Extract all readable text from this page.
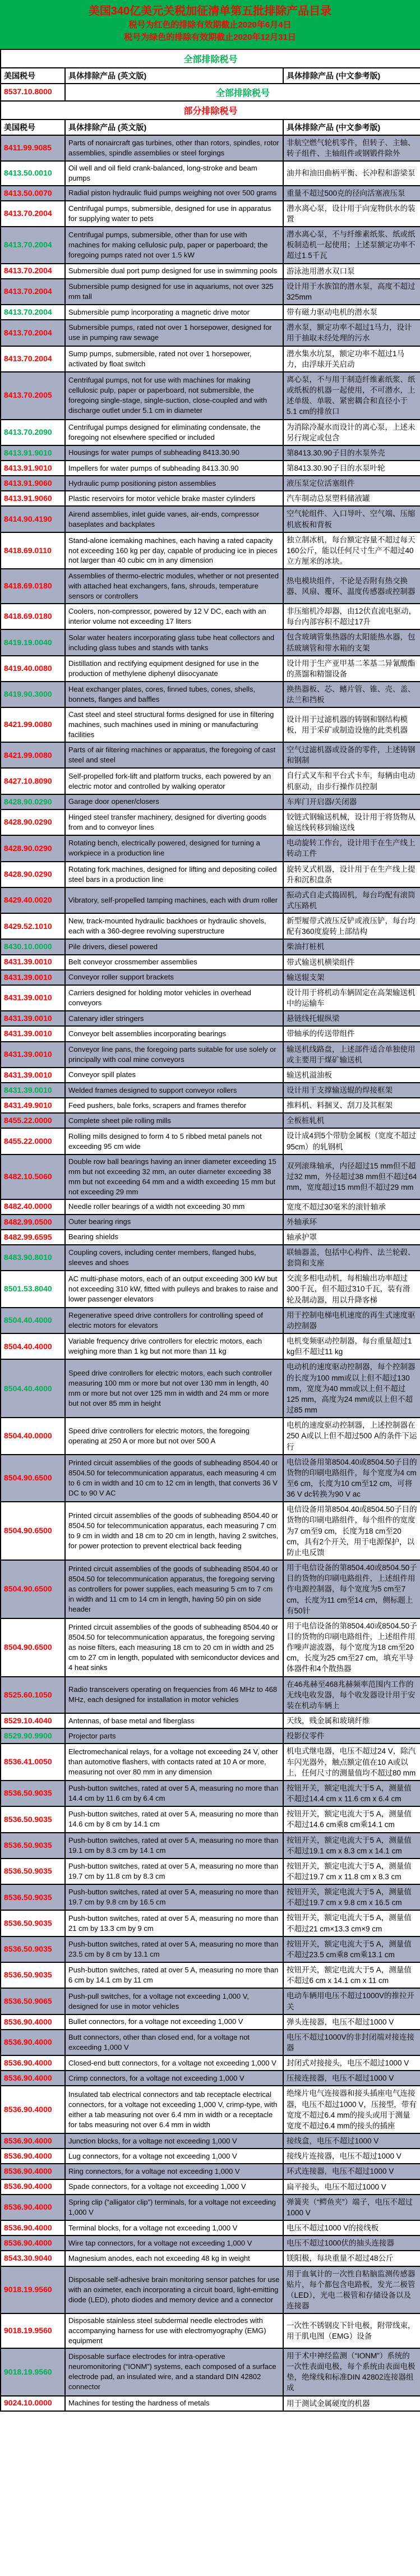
美国340亿美元关税加征清单第五批排除产品目录
税号为红色的排除有效期截止2020年6月4日
税号为绿色的排除有效期截止2020年12月31日
全部排除税号		
美国税号	具体排除产品 (英文版)	具体排除产品 (中文参考版)
8537.10.8000	全部排除税号	
部分排除税号		
美国税号	具体排除产品 (英文版)	具体排除产品 (中文参考版)
8411.99.9085	Parts of nonaircraft gas turbines, other than rotors, spindles, rotor assemblies, spindle assemblies or steel forgings	非航空燃气轮机零件，但转子、主轴、转子组件、主轴组件或钢锻件除外
8413.50.0010	Oil well and oil field crank-balanced, long-stroke and beam pumps	油井和油田曲柄平衡、长冲程和游梁泵
8413.50.0070	Radial piston hydraulic fluid pumps weighing not over 500 grams	重量不超过500克的径向活塞液压泵
8413.70.2004	Centrifugal pumps, submersible, designed for use in apparatus for supplying water to pets	潜水离心泵，设计用于向宠物供水的装置
8413.70.2004	Centrifugal pumps, submersible, other than for use with machines for making cellulosic pulp, paper or paperboard; the foregoing pumps rated not over 1.5 kW	潜水离心泵，不与纤维素纸浆、纸或纸板制造机一起使用；上述泵额定功率不超过1.5千瓦
8413.70.2004	Submersible dual port pump designed for use in swimming pools	游泳池用潜水双口泵
8413.70.2004	Submersible pump designed for use in aquariums, not over 325 mm tall	设计用于水族馆的潜水泵，高度不超过325mm
8413.70.2004	Submersible pump incorporating a magnetic drive motor	带有磁力驱动电机的潜水泵
8413.70.2004	Submersible pumps, rated not over 1 horsepower, designed for use in pumping raw sewage	潜水泵，额定功率不超过1马力，设计用于抽取未经处理的污水
8413.70.2004	Sump pumps, submersible, rated not over 1 horsepower, activated by float switch	潜水集水坑泵，额定功率不超过1马力，由浮球开关启动
8413.70.2005	Centrifugal pumps, not for use with machines for making cellulosic pulp, paper or paperboard, not submersible, the foregoing single-stage, single-suction, close-coupled and with discharge outlet under 5.1 cm in diameter	离心泵，不与用于制造纤维素纸浆、纸或纸板的机器一起使用，不可潜水，上述单级、单吸、紧密耦合和直径小于5.1 cm的排放口
8413.70.2090	Centrifugal pumps designed for eliminating condensate, the foregoing not elsewhere specified or included	为消除冷凝水而设计的离心泵，上述未另行规定或包含
8413.91.9010	Housings for water pumps of subheading 8413.30.90	第8413.30.90子目的水泵外壳
8413.91.9010	Impellers for water pumps of subheading 8413.30.90	第8413.30.90子目的水泵叶轮
8413.91.9060	Hydraulic pump positioning piston assemblies	液压泵定位活塞组件
8413.91.9060	Plastic reservoirs for motor vehicle brake master cylinders	汽车制动总泵塑料储液罐
8414.90.4190	Airend assemblies, inlet guide vanes, air-ends, compressor baseplates and backplates	空气轮组件、入口导叶、空气端、压缩机底板和背板
8418.69.0110	Stand-alone icemaking machines, each having a rated capacity not exceeding 160 kg per day, capable of producing ice in pieces not larger than 40 cubic cm in any dimension	独立制冰机，每台额定容量不超过每天160公斤，能以任何尺寸生产不超过40立方厘米的冰块。
8418.69.0180	Assemblies of thermo-electric modules, whether or not presented with attached heat exchangers, fans, shrouds, temperature sensors or controllers	热电模块组件，不论是否附有热交换器、风扇、覆环、温度传感器或控制器
8418.69.0180	Coolers, non-compressor, powered by 12 V DC, each with an interior volume not exceeding 17 liters	非压缩机冷却器，由12伏直流电驱动，每台内部容积不超过17升
8419.19.0040	Solar water heaters incorporating glass tube heat collectors and including glass tubes and stands with tanks	包含玻璃管集热器的太阳能热水器，包括玻璃管和带水箱的支架
8419.40.0080	Distillation and rectifying equipment designed for use in the production of methylene diphenyl diisocyanate	设计用于生产亚甲基二苯基二异氰酸酯的蒸馏和精馏设备
8419.90.3000	Heat exchanger plates, cores, finned tubes, cones, shells, bonnets, flanges and baffles	换热器板、芯、鳍片管、锥、壳、盖、法兰和挡板
8421.99.0080	Cast steel and steel structural forms designed for use in filtering machines, such machines used in mining or manufacturing facilities	设计用于过滤机器的铸钢和钢结构模板，用于采矿或制造设施的此类机器
8421.99.0080	Parts of air filtering machines or apparatus, the foregoing of cast steel and steel	空气过滤机器或设备的零件，上述铸钢和钢制
8427.10.8090	Self-propelled fork-lift and platform trucks, each powered by an electric motor and controlled by walking operator	自行式叉车和平台式卡车，每辆由电动机驱动，由步行操作员控制
8428.90.0290	Garage door opener/closers	车库门开启器/关闭器
8428.90.0290	Hinged steel transfer machinery, designed for diverting goods from and to conveyor lines	铰链式钢输送机械，设计用于将货物从输送线转移到输送线
8428.90.0290	Rotating bench, electrically powered, designed for turning a workpiece in a production line	电动旋转工作台，设计用于在生产线上转动工件
8428.90.0290	Rotating fork machines, designed for lifting and depositing coiled steel bars in a production line	旋转叉式机器，设计用于在生产线上提升和沉积盘条
8429.40.0020	Vibratory, self-propelled tamping machines, each with drum roller	振动式自走式捣固机，每台均配有滚筒式压路机
8429.52.1010	New, track-mounted hydraulic backhoes or hydraulic shovels, each with a 360-degree revolving superstructure	新型履带式液压反铲或液压铲，每台均配有360度旋转上部结构
8430.10.0000	Pile drivers, diesel powered	柴油打桩机
8431.39.0010	Belt conveyor crossmember assemblies	带式输送机横梁组件
8431.39.0010	Conveyor roller support brackets	输送辊支架
8431.39.0010	Carriers designed for holding motor vehicles in overhead conveyors	设计用于将机动车辆固定在高架输送机中的运输车
8431.39.0010	Catenary idler stringers	悬链线托辊纵梁
8431.39.0010	Conveyor belt assemblies incorporating bearings	带轴承的传送带组件
8431.39.0010	Conveyor line pans, the foregoing parts suitable for use solely or principally with coal mine conveyors	输送机线路盘，上述部件适合单独使用或主要用于煤矿输送机
8431.39.0010	Conveyor spill plates	输送机溢油板
8431.39.0010	Welded frames designed to support conveyor rollers	设计用于支撑输送辊的焊接框架
8431.49.9010	Feed pushers, bale forks, scrapers and frames therefor	推料机、料捆叉、刮刀及其框架
8455.22.0000	Complete sheet pile rolling mills	全板桩轧机
8455.22.0000	Rolling mills designed to form 4 to 5 ribbed metal panels not exceeding 95 cm wide	设计成4到5个带肋金属板（宽度不超过95cm）的轧钢机
8482.10.5060	Double row ball bearings having an inner diameter exceeding 15 mm but not exceeding 32 mm, an outer diameter exceeding 38 mm but not exceeding 64 mm and a width exceeding 15 mm but not exceeding 29 mm	双列滚珠轴承，内径超过15 mm但不超过32 mm，外径超过38 mm但不超过64 mm，宽度超过15 mm但不超过29 mm
8482.40.0000	Needle roller bearings of a width not exceeding 30 mm	宽度不超过30毫米的滚针轴承
8482.99.0500	Outer bearing rings	外轴承环
8482.99.6595	Bearing shields	轴承护罩
8483.90.8010	Coupling covers, including center members, flanged hubs, sleeves and shoes	联轴器盖，包括中心构件、法兰轮毂、套筒和支座
8501.53.8040	AC multi-phase motors, each of an output exceeding 300 kW but not exceeding 310 kW, fitted with pulleys and brakes to raise and lower passenger elevators	交流多相电动机，每相输出功率超过300千瓦，但不超过310千瓦，装有滑轮及制动器，用以升降客梯
8504.40.4000	Regenerative speed drive controllers for controlling speed of electric motors for elevators	用于控制电梯电机速度的再生式速度驱动控制器
8504.40.4000	Variable frequency drive controllers for electric motors, each weighing more than 1 kg but not more than 11 kg	电机变频驱动控制器，每台重量超过1 kg但不超过11 kg
8504.40.4000	Speed drive controllers for electric motors, each such controller measuring 100 mm or more but not over 130 mm in length, 40 mm or more but not over 125 mm in width and 24 mm or more but not over 85 mm in height	电动机的速度驱动控制器，每个控制器的长度为100 mm或以上但不超过130 mm，宽度为40 mm或以上但不超过125 mm，高度为24 mm或以上但不超过85 mm
8504.40.0000	Speed drive controllers for electric motors, the foregoing operating at 250 A or more but not over 500 A	电机的速度驱动控制器，上述控制器在250 A或以上但不超过500 A的条件下运行
8504.90.6500	Printed circuit assemblies of the goods of subheading 8504.40 or 8504.50 for telecommunication apparatus, each measuring 4 cm to 6 cm in width and 10 cm to 12 cm in length, that converts 36 V DC to 90 V AC	电信设备用第8504.40或8504.50子目的货物的印刷电路组件，每个宽度为4 cm至6 cm，长度为10 cm至12 cm，可将36 V dc转换为90 V ac
8504.90.6500	Printed circuit assemblies of the goods of subheading 8504.40 or 8504.50 for telecommunication apparatus, each measuring 7 cm to 9 cm in width and 18 cm to 20 cm in length, having 2 switches, for power protection to prevent electrical back feeding	电信设备用第8504.40或8504.50子目的货物的印刷电路组件，每个组件的宽度为7 cm至9 cm，长度为18 cm至20 cm，具有2个开关，用于电源保护，以防止电反馈
8504.90.6500	Printed circuit assemblies of the goods of subheading 8504.40 or 8504.50 for telecommunication apparatus, the foregoing serving as controllers for power supplies, each measuring 5 cm to 7 cm in width and 11 cm to 14 cm in length, having 50 pin on side header	用于电信设备的第8504.40或8504.50子目的货物的印刷电路组件，上述组件用作电源控制器，每个宽度为5 cm至7 cm，长度为11 cm至14 cm，侧标题上有50针
8504.90.6500	Printed circuit assemblies of the goods of subheading 8504.40 or 8504.50 for telecommunication apparatus, the foregoing serving as noise filters, each measuring 18 cm to 20 cm in width and 25 cm to 27 cm in length, populated with semiconductor devices and 4 heat sinks	用于电信设备的第8504.40或8504.50子目的货物的印刷电路组件，上述组件用作噪声滤波器，每个宽度为18 cm至20 cm，长度为25 cm至27 cm，填充半导体器件和4个散热器
8525.60.1050	Radio transceivers operating on frequencies from 46 MHz to 468 MHz, each designed for installation in motor vehicles	在46兆赫至468兆赫频率范围内工作的无线电收发器，每个收发器设计用于安装在机动车辆上
8529.10.4040	Antennas, of base metal and fiberglass	天线，贱金属和玻璃纤维
8529.90.9900	Projector parts	投影仪零件
8536.41.0050	Electromechanical relays, for a voltage not exceeding 24 V, other than automotive flashers, with contacts rated at 10 A or more, measuring not over 80 mm in any dimension	机电式继电器，电压不超过24 V，除汽车闪光器外，触点额定值在10 A或以上，任何尺寸的测量值均不超过80 mm
8536.50.9035	Push-button switches, rated at over 5 A, measuring no more than 14.4 cm by 11.6 cm by 6.4 cm	按钮开关，额定电流大于5 A，测量值不超过14.4 cm x 11.6 cm x 6.4 cm
8536.50.9035	Push-button switches, rated at over 5 A, measuring no more than 14.6 cm by 8 cm by 14.1 cm	按钮开关，额定电流大于5 A，测量值不超过14.6 cm乘8 cm乘14.1 cm
8536.50.9035	Push-button switches, rated at over 5 A, measuring no more than 19.1 cm by 8.3 cm by 14.1 cm	按钮开关，额定电流大于5 A，测量值不超过19.1 cm x 8.3 cm x 14.1 cm
8536.50.9035	Push-button switches, rated at over 5 A, measuring no more than 19.7 cm by 11.8 cm by 8.3 cm	按钮开关，额定电流大于5 A，测量值不超过19.7 cm x 11.8 cm x 8.3 cm
8536.50.9035	Push-button switches, rated at over 5 A, measuring no more than 19.7 cm by 9.8 cm by 16.5 cm	按钮开关，额定电流大于5 A，测量值不超过19.7 cm x 9.8 cm x 16.5 cm
8536.50.9035	Push-button switches, rated at over 5 A, measuring no more than 21 cm by 13.3 cm by 9 cm	按钮开关，额定电流大于5 A，测量值不超过21 cm×13.3 cm×9 cm
8536.50.9035	Push-button switches, rated at over 5 A, measuring no more than 23.5 cm by 8 cm by 13.1 cm	按钮开关，额定电流大于5 A，测量值不超过23.5 cm乘8 cm乘13.1 cm
8536.50.9035	Push-button switches, rated at over 5 A, measuring no more than 6 cm by 14.1 cm by 11 cm	按钮开关，额定电流大于5 A，测量值不超过6 cm x 14.1 cm x 11 cm
8536.50.9065	Push-pull switches, for a voltage not exceeding 1,000 V, designed for use in motor vehicles	电动车辆用电压不超过1000V的推拉开关
8536.90.4000	Bullet connectors, for a voltage not exceeding 1,000 V	弹头连接器，电压不超过1000 V
8536.90.4000	Butt connectors, other than closed end, for a voltage not exceeding 1,000 V	电压不超过1000V的非封闭端对接连接器
8536.90.4000	Closed-end butt connectors, for a voltage not exceeding 1,000 V	封闭式对接接头，电压不超过1000 V
8536.90.4000	Crimp connectors, for a voltage not exceeding 1,000 V	压接连接器，电压不超过1000 V
8536.90.4000	Insulated tab electrical connectors and tab receptacle electrical connectors, for a voltage not exceeding 1,000 V, crimp-type, with either a tab measuring not over 6.4 mm in width or a receptacle for tabs measuring not over 6.4 mm in width	绝缘片电气连接器和接头插座电气连接器，电压不超过1000 V，压接型，带有宽度不超过6.4 mm的接头或用于测量宽度不超过6.4 mm的接头的插座
8536.90.4000	Junction blocks, for a voltage not exceeding 1,000 V	接线盒，电压不超过1000 V
8536.90.4000	Lug connectors, for a voltage not exceeding 1,000 V	接线片连接器，电压不超过1000 V
8536.90.4000	Ring connectors, for a voltage not exceeding 1,000 V	环式连接器，电压不超过1000 V
8536.90.4000	Spade connectors, for a voltage not exceeding 1,000 V	扁平接头，电压不超过1000 V
8536.90.4000	Spring clip (“alligator clip”) terminals, for a voltage not exceeding 1,000 V	弹簧夹（“鳄鱼夹”）端子，电压不超过1000 V
8536.90.4000	Terminal blocks, for a voltage not exceeding 1,000 V	电压不超过1000 V的接线板
8536.90.4000	Wire tap connectors, for a voltage not exceeding 1,000 V	电压不超过1000伏的抽头连接器
8543.30.9040	Magnesium anodes, each not exceeding 48 kg in weight	镁阳极，每块重量不超过48公斤
9018.19.9560	Disposable self-adhesive brain monitoring sensor patches for use with an oximeter, each incorporating a circuit board, light-emitting diode (LED), photo diodes and memory device and a connector	用于血氧计的一次性自粘脑监测传感器贴片，每个都包含电路板，发光二极管（LED），光电二极管和存储设备以及连接器
9018.19.9560	Disposable stainless steel subdermal needle electrodes with accompanying harness for use with electromyography (EMG) equipment	一次性不锈钢皮下针电极，附带线束，用于肌电图（EMG）设备
9018.19.9560	Disposable surface electrodes for intra-operative neuromonitoring (“IONM”) systems, each composed of a surface electrode pad, an insulated wire, and a standard DIN 42802 connector	用于术中神经监测（“IONM”）系统的一次性表面电极，每个系统由表面电极垫，绝缘线和标准DIN 42802连接器组成
9024.10.0000	Machines for testing the hardness of metals	用于测试金属硬度的机器
